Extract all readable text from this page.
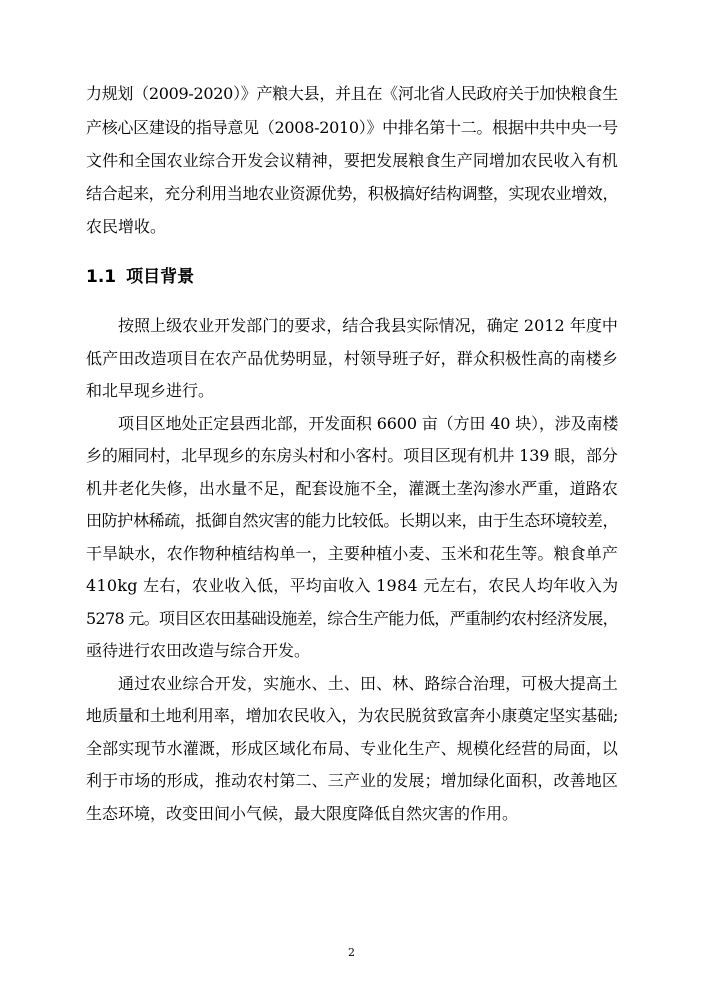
力规划（2009-2020）》产粮大县，并且在《河北省人民政府关于加快粮食生
产核心区建设的指导意见（2008-2010）》中排名第十二。根据中共中央一号
文件和全国农业综合开发会议精神，要把发展粮食生产同增加农民收入有机
结合起来，充分利用当地农业资源优势，积极搞好结构调整，实现农业增效，
农民增收。
1.1 项目背景
按照上级农业开发部门的要求，结合我县实际情况，确定 2012 年度中
低产田改造项目在农产品优势明显，村领导班子好，群众积极性高的南楼乡
和北早现乡进行。
项目区地处正定县西北部，开发面积 6600 亩（方田 40 块），涉及南楼
乡的厢同村，北早现乡的东房头村和小客村。项目区现有机井 139 眼，部分
机井老化失修，出水量不足，配套设施不全，灌溉土垄沟渗水严重，道路农
田防护林稀疏，抵御自然灾害的能力比较低。长期以来，由于生态环境较差，
干旱缺水，农作物种植结构单一，主要种植小麦、玉米和花生等。粮食单产
410kg 左右，农业收入低，平均亩收入 1984 元左右，农民人均年收入为
5278 元。项目区农田基础设施差，综合生产能力低，严重制约农村经济发展，
亟待进行农田改造与综合开发。
通过农业综合开发，实施水、土、田、林、路综合治理，可极大提高土
地质量和土地利用率，增加农民收入，为农民脱贫致富奔小康奠定坚实基础;
全部实现节水灌溉，形成区域化布局、专业化生产、规模化经营的局面，以
利于市场的形成，推动农村第二、三产业的发展；增加绿化面积，改善地区
生态环境，改变田间小气候，最大限度降低自然灾害的作用。
2
